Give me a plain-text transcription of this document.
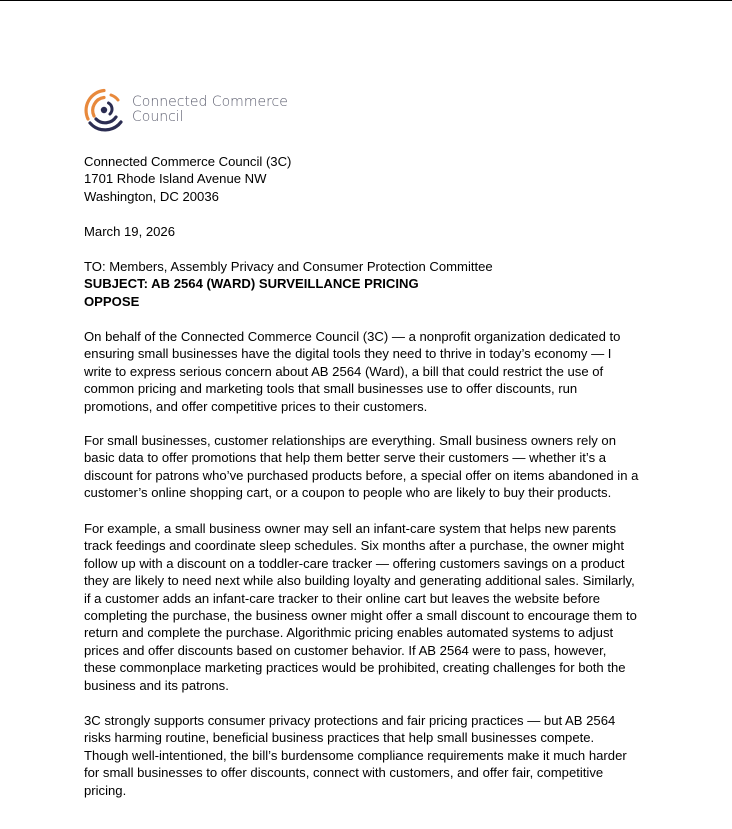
Connected Commerce
Council

Connected Commerce Council (3C)

1701 Rhode Island Avenue NW

Washington, DC 20036

March 19, 2026

TO: Members, Assembly Privacy and Consumer Protection Committee

SUBJECT: AB 2564 (WARD) SURVEILLANCE PRICING

OPPOSE

On behalf of the Connected Commerce Council (3C) — a nonprofit organization dedicated to
ensuring small businesses have the digital tools they need to thrive in today’s economy — I
write to express serious concern about AB 2564 (Ward), a bill that could restrict the use of
common pricing and marketing tools that small businesses use to offer discounts, run
promotions, and offer competitive prices to their customers.
For small businesses, customer relationships are everything. Small business owners rely on
basic data to offer promotions that help them better serve their customers — whether it’s a
discount for patrons who’ve purchased products before, a special offer on items abandoned in a
customer’s online shopping cart, or a coupon to people who are likely to buy their products.
For example, a small business owner may sell an infant-care system that helps new parents
track feedings and coordinate sleep schedules. Six months after a purchase, the owner might
follow up with a discount on a toddler-care tracker — offering customers savings on a product
they are likely to need next while also building loyalty and generating additional sales. Similarly,
if a customer adds an infant-care tracker to their online cart but leaves the website before
completing the purchase, the business owner might offer a small discount to encourage them to
return and complete the purchase. Algorithmic pricing enables automated systems to adjust
prices and offer discounts based on customer behavior. If AB 2564 were to pass, however,
these commonplace marketing practices would be prohibited, creating challenges for both the
business and its patrons.
3C strongly supports consumer privacy protections and fair pricing practices — but AB 2564
risks harming routine, beneficial business practices that help small businesses compete.
Though well-intentioned, the bill’s burdensome compliance requirements make it much harder
for small businesses to offer discounts, connect with customers, and offer fair, competitive
pricing.
